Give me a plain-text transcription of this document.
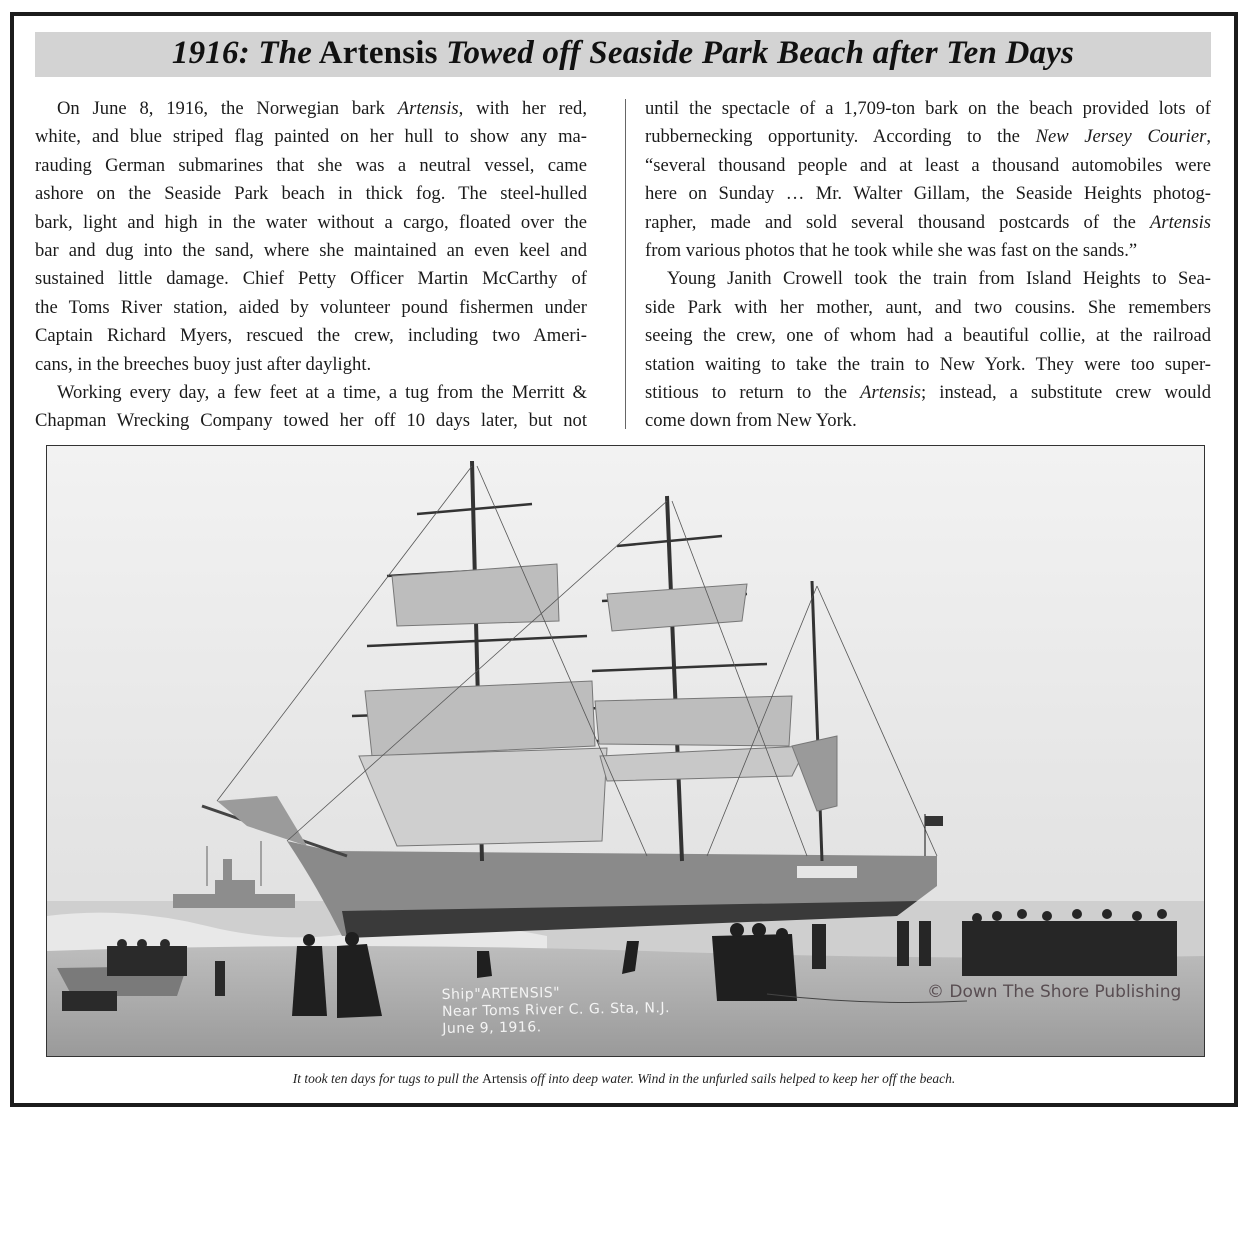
1916: The Artensis Towed off Seaside Park Beach after Ten Days
On June 8, 1916, the Norwegian bark Artensis, with her red,
white, and blue striped flag painted on her hull to show any ma-
rauding German submarines that she was a neutral vessel, came
ashore on the Seaside Park beach in thick fog. The steel-hulled
bark, light and high in the water without a cargo, floated over the
bar and dug into the sand, where she maintained an even keel and
sustained little damage. Chief Petty Officer Martin McCarthy of
the Toms River station, aided by volunteer pound fishermen under
Captain Richard Myers, rescued the crew, including two Ameri-
cans, in the breeches buoy just after daylight.
Working every day, a few feet at a time, a tug from the Merritt &
Chapman Wrecking Company towed her off 10 days later, but not
until the spectacle of a 1,709-ton bark on the beach provided lots of
rubbernecking opportunity. According to the New Jersey Courier,
“several thousand people and at least a thousand automobiles were
here on Sunday … Mr. Walter Gillam, the Seaside Heights photog-
rapher, made and sold several thousand postcards of the Artensis
from various photos that he took while she was fast on the sands.”
Young Janith Crowell took the train from Island Heights to Sea-
side Park with her mother, aunt, and two cousins. She remembers
seeing the crew, one of whom had a beautiful collie, at the railroad
station waiting to take the train to New York. They were too super-
stitious to return to the Artensis; instead, a substitute crew would
come down from New York.
Ship"ARTENSIS"
Near Toms River C. G. Sta, N.J.
June 9, 1916.
© Down The Shore Publishing
It took ten days for tugs to pull the Artensis off into deep water. Wind in the unfurled sails helped to keep her off the beach.
